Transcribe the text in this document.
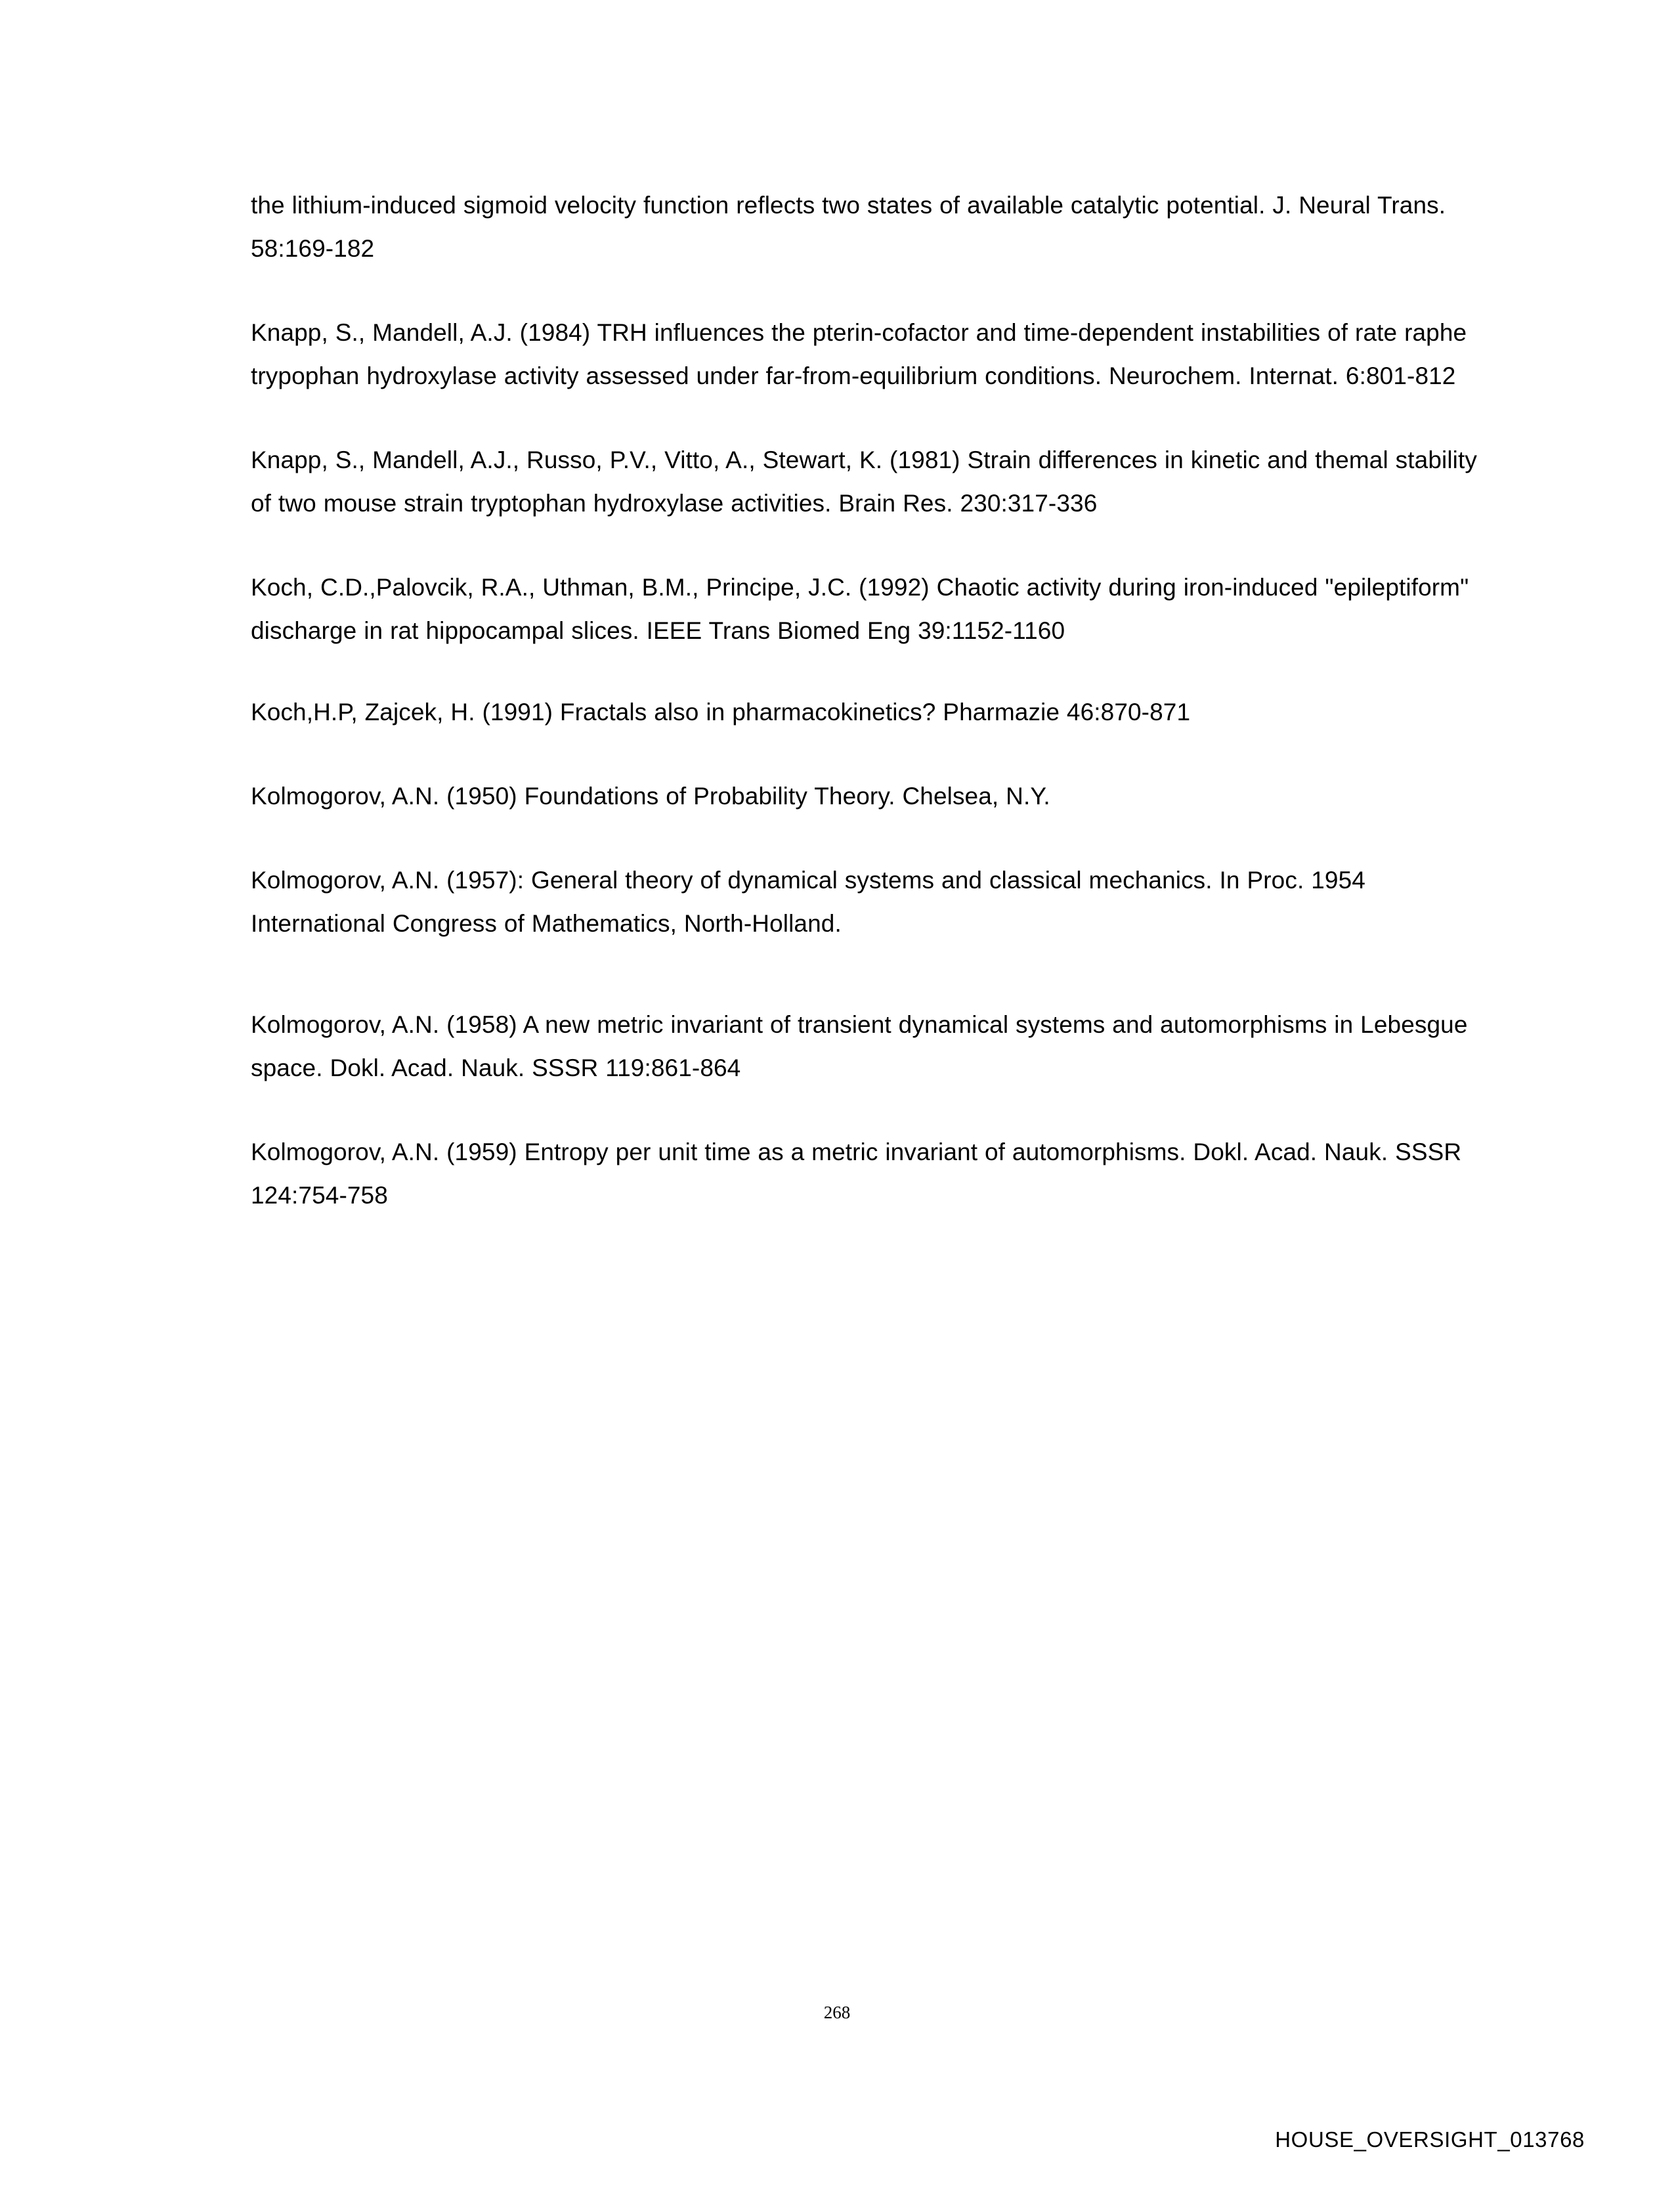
the lithium-induced sigmoid velocity function reflects two states of available catalytic potential. J. Neural Trans. 58:169-182

Knapp, S., Mandell, A.J. (1984) TRH influences the pterin-cofactor and time-dependent instabilities of rate raphe trypophan hydroxylase activity assessed under far-from-equilibrium conditions. Neurochem. Internat. 6:801-812

Knapp, S., Mandell, A.J., Russo, P.V., Vitto, A., Stewart, K. (1981) Strain differences in kinetic and themal stability of two mouse strain tryptophan hydroxylase activities. Brain Res. 230:317-336

Koch, C.D.,Palovcik, R.A., Uthman, B.M., Principe, J.C. (1992) Chaotic activity during iron-induced "epileptiform" discharge in rat hippocampal slices. IEEE Trans Biomed Eng 39:1152-1160

Koch,H.P, Zajcek, H. (1991) Fractals also in pharmacokinetics? Pharmazie 46:870-871

Kolmogorov, A.N. (1950) Foundations of Probability Theory. Chelsea, N.Y.

Kolmogorov, A.N. (1957): General theory of dynamical systems and classical mechanics. In Proc. 1954 International Congress of Mathematics, North-Holland.

Kolmogorov, A.N. (1958) A new metric invariant of transient dynamical systems and automorphisms in Lebesgue space. Dokl. Acad. Nauk. SSSR 119:861-864

Kolmogorov, A.N. (1959) Entropy per unit time as a metric invariant of automorphisms. Dokl. Acad. Nauk. SSSR 124:754-758

268
HOUSE_OVERSIGHT_013768
